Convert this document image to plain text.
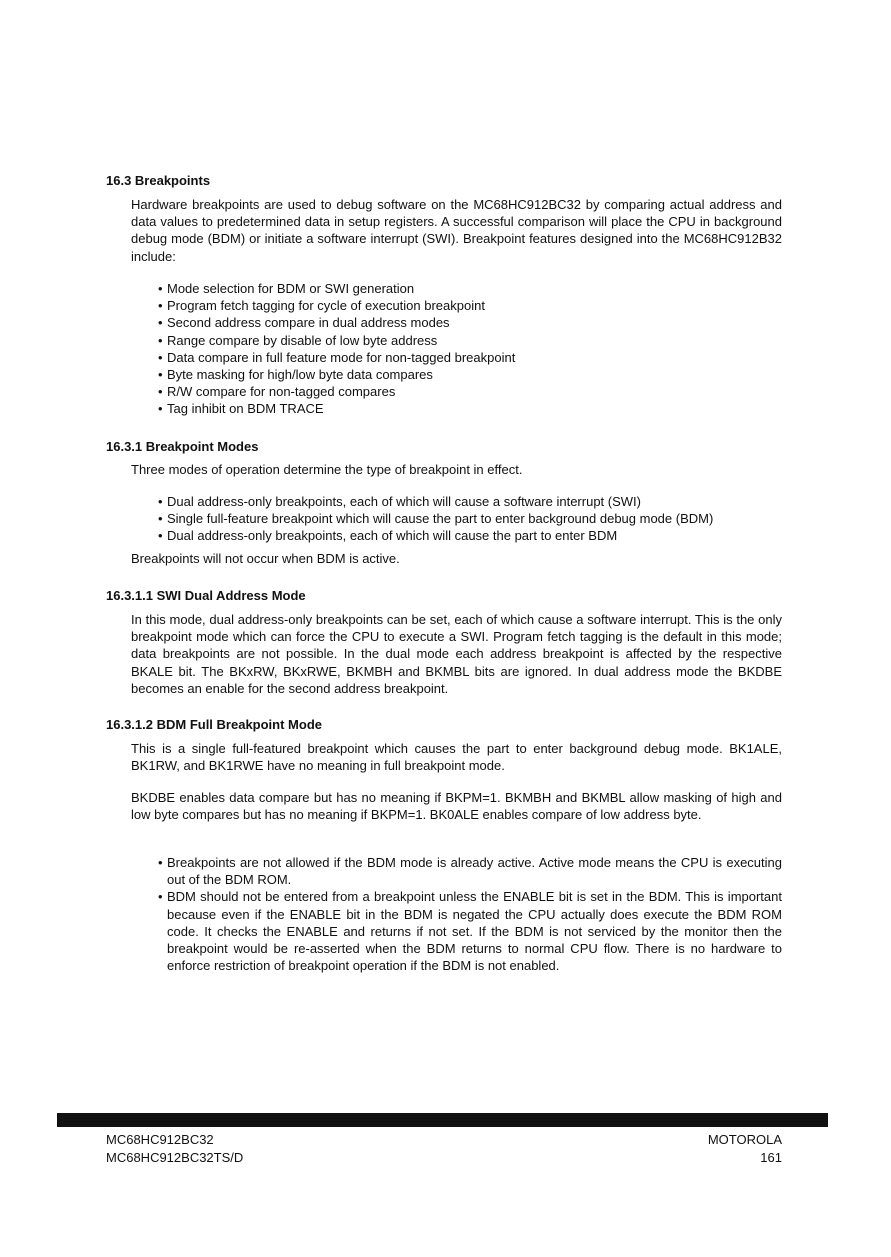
16.3 Breakpoints

Hardware breakpoints are used to debug software on the MC68HC912BC32 by comparing actual address and data values to predetermined data in setup registers. A successful comparison will place the CPU in background debug mode (BDM) or initiate a software interrupt (SWI). Breakpoint features designed into the MC68HC912B32 include:

• Mode selection for BDM or SWI generation
• Program fetch tagging for cycle of execution breakpoint
• Second address compare in dual address modes
• Range compare by disable of low byte address
• Data compare in full feature mode for non-tagged breakpoint
• Byte masking for high/low byte data compares
• R/W compare for non-tagged compares
• Tag inhibit on BDM TRACE
16.3.1 Breakpoint Modes

Three modes of operation determine the type of breakpoint in effect.

• Dual address-only breakpoints, each of which will cause a software interrupt (SWI)
• Single full-feature breakpoint which will cause the part to enter background debug mode (BDM)
• Dual address-only breakpoints, each of which will cause the part to enter BDM

Breakpoints will not occur when BDM is active.

16.3.1.1 SWI Dual Address Mode

In this mode, dual address-only breakpoints can be set, each of which cause a software interrupt. This is the only breakpoint mode which can force the CPU to execute a SWI. Program fetch tagging is the default in this mode; data breakpoints are not possible. In the dual mode each address breakpoint is affected by the respective BKALE bit. The BKxRW, BKxRWE, BKMBH and BKMBL bits are ignored. In dual address mode the BKDBE becomes an enable for the second address breakpoint.

16.3.1.2 BDM Full Breakpoint Mode

This is a single full-featured breakpoint which causes the part to enter background debug mode. BK1ALE, BK1RW, and BK1RWE have no meaning in full breakpoint mode.

BKDBE enables data compare but has no meaning if BKPM=1. BKMBH and BKMBL allow masking of high and low byte compares but has no meaning if BKPM=1. BK0ALE enables compare of low address byte.

• Breakpoints are not allowed if the BDM mode is already active. Active mode means the CPU is executing out of the BDM ROM.
• BDM should not be entered from a breakpoint unless the ENABLE bit is set in the BDM. This is important because even if the ENABLE bit in the BDM is negated the CPU actually does execute the BDM ROM code. It checks the ENABLE and returns if not set. If the BDM is not serviced by the monitor then the breakpoint would be re-asserted when the BDM returns to normal CPU flow. There is no hardware to enforce restriction of breakpoint operation if the BDM is not enabled.

MC68HC912BC32

MC68HC912BC32TS/D

MOTOROLA

161
